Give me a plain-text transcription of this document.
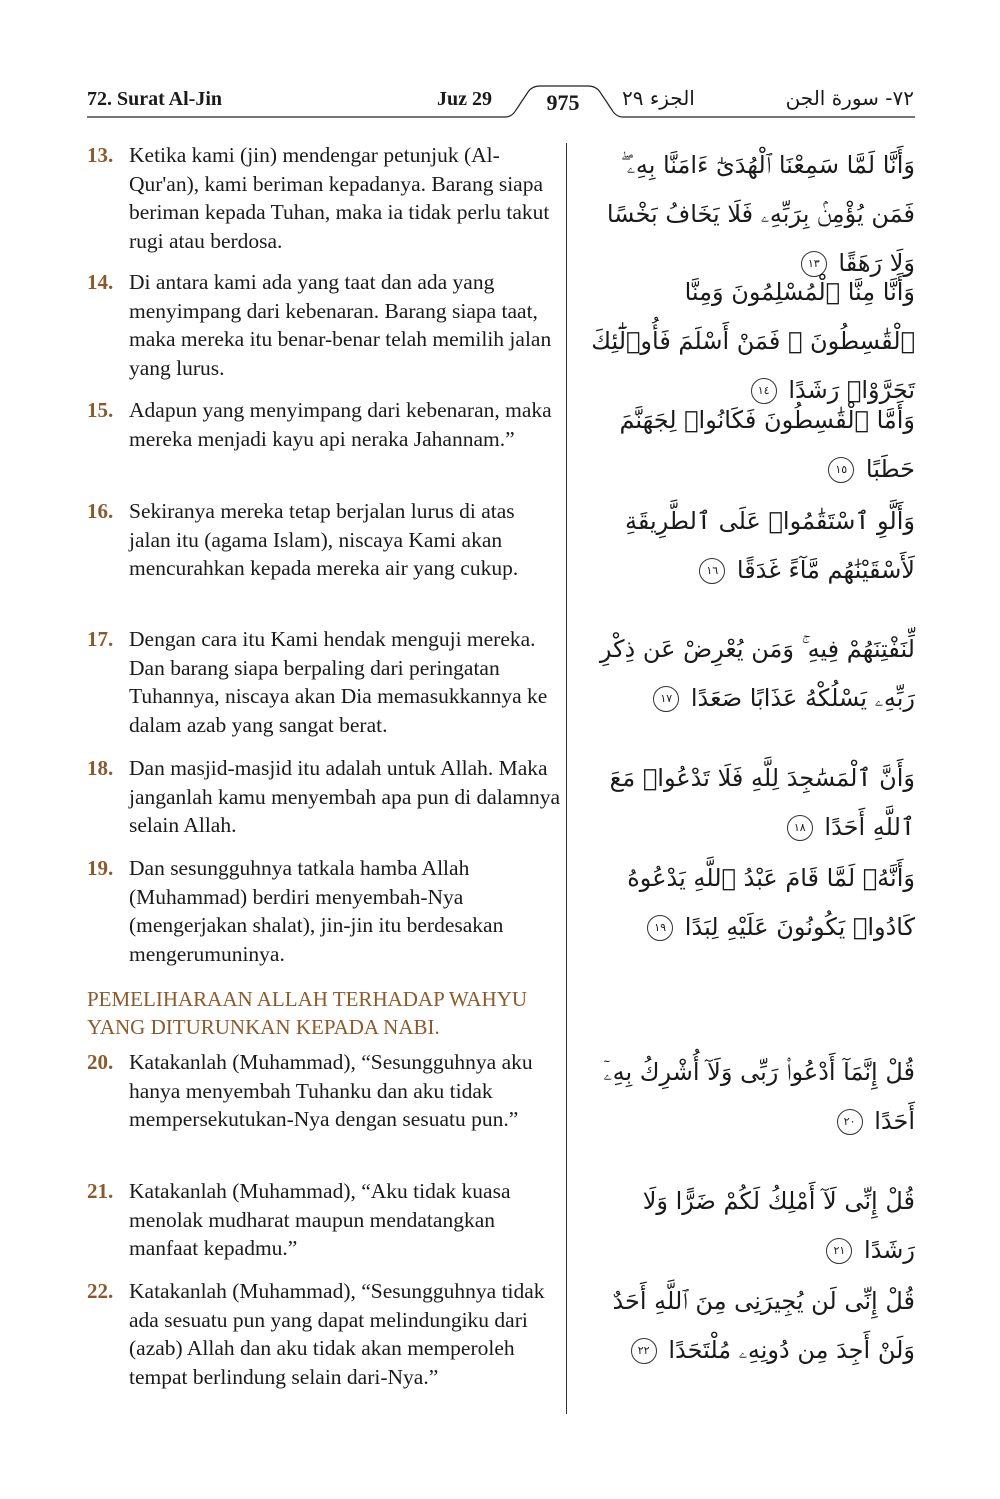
72. Surat Al-Jin	Juz 29	975	الجزء ٢٩	٧٢- سورة الجن
13. Ketika kami (jin) mendengar petunjuk (Al-Qur'an), kami beriman kepadanya. Barang siapa beriman kepada Tuhan, maka ia tidak perlu takut rugi atau berdosa.
وَأَنَّا لَمَّا سَمِعْنَا ٱلْهُدَىٰٓ ءَامَنَّا بِهِۦ ۖ فَمَن يُؤْمِنۢ بِرَبِّهِۦ فَلَا يَخَافُ بَخْسًا وَلَا رَهَقًا ١٣
14. Di antara kami ada yang taat dan ada yang menyimpang dari kebenaran. Barang siapa taat, maka mereka itu benar-benar telah memilih jalan yang lurus.
وَأَنَّا مِنَّا ٱلْمُسْلِمُونَ وَمِنَّا ٱلْقَٰسِطُونَ ۖ فَمَنْ أَسْلَمَ فَأُو۟لَٰٓئِكَ تَحَرَّوْا۟ رَشَدًا ١٤
15. Adapun yang menyimpang dari kebenaran, maka mereka menjadi kayu api neraka Jahannam.”
وَأَمَّا ٱلْقَٰسِطُونَ فَكَانُوا۟ لِجَهَنَّمَ حَطَبًا ١٥
16. Sekiranya mereka tetap berjalan lurus di atas jalan itu (agama Islam), niscaya Kami akan mencurahkan kepada mereka air yang cukup.
وَأَلَّوِ ٱسْتَقَٰمُوا۟ عَلَى ٱلطَّرِيقَةِ لَأَسْقَيْنَٰهُم مَّآءً غَدَقًا ١٦
17. Dengan cara itu Kami hendak menguji mereka. Dan barang siapa berpaling dari peringatan Tuhannya, niscaya akan Dia memasukkannya ke dalam azab yang sangat berat.
لِّنَفْتِنَهُمْ فِيهِ ۚ وَمَن يُعْرِضْ عَن ذِكْرِ رَبِّهِۦ يَسْلُكْهُ عَذَابًا صَعَدًا ١٧
18. Dan masjid-masjid itu adalah untuk Allah. Maka janganlah kamu menyembah apa pun di dalamnya selain Allah.
وَأَنَّ ٱلْمَسَٰجِدَ لِلَّهِ فَلَا تَدْعُوا۟ مَعَ ٱللَّهِ أَحَدًا ١٨
19. Dan sesungguhnya tatkala hamba Allah (Muhammad) berdiri menyembah-Nya (mengerjakan shalat), jin-jin itu berdesakan mengerumuninya.
وَأَنَّهُۥ لَمَّا قَامَ عَبْدُ ٱللَّهِ يَدْعُوهُ كَادُوا۟ يَكُونُونَ عَلَيْهِ لِبَدًا ١٩
PEMELIHARAAN ALLAH TERHADAP WAHYU YANG DITURUNKAN KEPADA NABI.
20. Katakanlah (Muhammad), “Sesungguhnya aku hanya menyembah Tuhanku dan aku tidak mempersekutukan-Nya dengan sesuatu pun.”
قُلْ إِنَّمَآ أَدْعُوا۟ رَبِّى وَلَآ أُشْرِكُ بِهِۦٓ أَحَدًا ٢٠
21. Katakanlah (Muhammad), “Aku tidak kuasa menolak mudharat maupun mendatangkan manfaat kepadmu.”
قُلْ إِنِّى لَآ أَمْلِكُ لَكُمْ ضَرًّا وَلَا رَشَدًا ٢١
22. Katakanlah (Muhammad), “Sesungguhnya tidak ada sesuatu pun yang dapat melindungiku dari (azab) Allah dan aku tidak akan memperoleh tempat berlindung selain dari-Nya.”
قُلْ إِنِّى لَن يُجِيرَنِى مِنَ ٱللَّهِ أَحَدٌ وَلَنْ أَجِدَ مِن دُونِهِۦ مُلْتَحَدًا ٢٢
